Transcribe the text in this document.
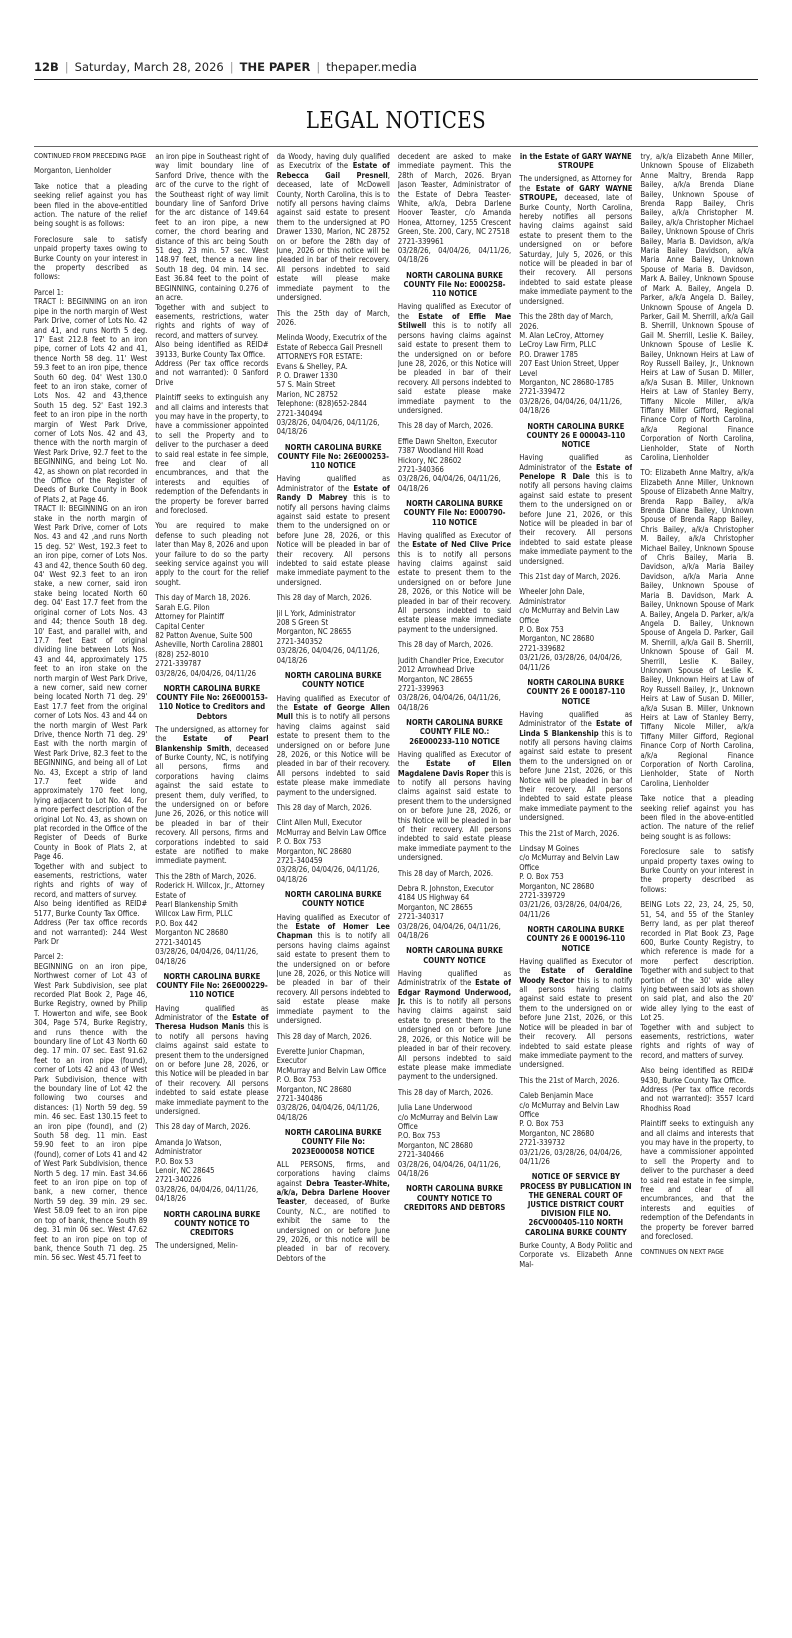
12B | Saturday, March 28, 2026 | THE PAPER | thepaper.media
LEGAL NOTICES

CONTINUED FROM PRECEDING PAGE

Morganton, Lienholder

Take notice that a pleading seeking relief against you has been filed in the above-entitled action. The nature of the relief being sought is as follows:

Foreclosure sale to satisfy unpaid property taxes owing to Burke County on your interest in the property described as follows:

Parcel 1:
TRACT I: BEGINNING on an iron pipe in the north margin of West Park Drive, corner of Lots No. 42 and 41, and runs North 5 deg. 17' East 212.8 feet to an iron pipe, corner of Lots 42 and 41, thence North 58 deg. 11' West 59.3 feet to an iron pipe, thence South 60 deg. 04' West 130.0 feet to an iron stake, corner of Lots Nos. 42 and 43,thence South 15 deg. 52' East 192.3 feet to an iron pipe in the north margin of West Park Drive, corner of Lots Nos. 42 and 43, thence with the north margin of West Park Drive, 92.7 feet to the BEGINNING, and being Lot No. 42, as shown on plat recorded in the Office of the Register of Deeds of Burke County in Book of Plats 2, at Page 46.
TRACT II: BEGINNING on an iron stake in the north margin of West Park Drive, corner of Lots Nos. 43 and 42 ,and runs North 15 deg. 52' West, 192.3 feet to an iron pipe, corner of Lots Nos. 43 and 42, thence South 60 deg. 04' West 92.3 feet to an iron stake, a new corner, said iron stake being located North 60 deg. 04' East 17.7 feet from the original corner of Lots Nos. 43 and 44; thence South 18 deg. 10' East, and parallel with, and 17.7 feet East of original dividing line between Lots Nos. 43 and 44, approximately 175 feet to an iron stake on the north margin of West Park Drive, a new corner, said new corner being located North 71 deg. 29' East 17.7 feet from the original corner of Lots Nos. 43 and 44 on the north margin of West Park Drive, thence North 71 deg. 29' East with the north margin of West Park Drive, 82.3 feet to the BEGINNING, and being all of Lot No. 43, Except a strip of land 17.7 feet wide and approximately 170 feet long, lying adjacent to Lot No. 44. For a more perfect description of the original Lot No. 43, as shown on plat recorded in the Office of the Register of Deeds of Burke County in Book of Plats 2, at Page 46.
Together with and subject to easements, restrictions, water rights and rights of way of record, and matters of survey.
Also being identified as REID# 5177, Burke County Tax Office.
Address (Per tax office records and not warranted): 244 West Park Dr

Parcel 2:
BEGINNING on an iron pipe, Northwest corner of Lot 43 of West Park Subdivision, see plat recorded Plat Book 2, Page 46, Burke Registry, owned by Philip T. Howerton and wife, see Book 304, Page 574, Burke Registry, and runs thence with the boundary line of Lot 43 North 60 deg. 17 min. 07 sec. East 91.62 feet to an iron pipe (found), corner of Lots 42 and 43 of West Park Subdivision, thence with the boundary line of Lot 42 the following two courses and distances: (1) North 59 deg. 59 min. 46 sec. East 130.15 feet to an iron pipe (found), and (2) South 58 deg. 11 min. East 59.90 feet to an iron pipe (found), corner of Lots 41 and 42 of West Park Subdivision, thence North 5 deg. 17 min. East 34.66 feet to an iron pipe on top of bank, a new corner, thence North 59 deg. 39 min. 29 sec. West 58.09 feet to an iron pipe on top of bank, thence South 89 deg. 31 min 06 sec. West 47.62 feet to an iron pipe on top of bank, thence South 71 deg. 25 min. 56 sec. West 45.71 feet to

an iron pipe in Southeast right of way limit boundary line of Sanford Drive, thence with the arc of the curve to the right of the Southeast right of way limit boundary line of Sanford Drive for the arc distance of 149.64 feet to an iron pipe, a new corner, the chord bearing and distance of this arc being South 51 deg. 23 min. 57 sec. West 148.97 feet, thence a new line South 18 deg. 04 min. 14 sec. East 36.84 feet to the point of BEGINNING, containing 0.276 of an acre.
Together with and subject to easements, restrictions, water rights and rights of way of record, and matters of survey.
Also being identified as REID# 39133, Burke County Tax Office.
Address (Per tax office records and not warranted): 0 Sanford Drive

Plaintiff seeks to extinguish any and all claims and interests that you may have in the property, to have a commissioner appointed to sell the Property and to deliver to the purchaser a deed to said real estate in fee simple, free and clear of all encumbrances, and that the interests and equities of redemption of the Defendants in the property be forever barred and foreclosed.

You are required to make defense to such pleading not later than May 8, 2026 and upon your failure to do so the party seeking service against you will apply to the court for the relief sought.

This day of March 18, 2026.
Sarah E.G. Pilon
Attorney for Plaintiff
Capital Center
82 Patton Avenue, Suite 500
Asheville, North Carolina 28801
(828) 252-8010
2721-339787
03/28/26, 04/04/26, 04/11/26

NORTH CAROLINA BURKE COUNTY File No: 26E000153-110 Notice to Creditors and Debtors

The undersigned, as attorney for the Estate of Pearl Blankenship Smith, deceased of Burke County, NC, is notifying all persons, firms and corporations having claims against the said estate to present them, duly verified, to the undersigned on or before June 26, 2026, or this notice will be pleaded in bar of their recovery. All persons, firms and corporations indebted to said estate are notified to make immediate payment.

This the 28th of March, 2026.
Roderick H. Willcox, Jr., Attorney
Estate of
Pearl Blankenship Smith
Willcox Law Firm, PLLC
P.O. Box 442
Morganton NC 28680
2721-340145
03/28/26, 04/04/26, 04/11/26, 04/18/26

NORTH CAROLINA BURKE COUNTY File No: 26E000229-110 NOTICE

Having qualified as Administrator of the Estate of Theresa Hudson Manis this is to notify all persons having claims against said estate to present them to the undersigned on or before June 28, 2026, or this Notice will be pleaded in bar of their recovery. All persons indebted to said estate please make immediate payment to the undersigned.

This 28 day of March, 2026.

Amanda Jo Watson, Administrator
P.O. Box 53
Lenoir, NC 28645
2721-340226
03/28/26, 04/04/26, 04/11/26, 04/18/26

NORTH CAROLINA BURKE COUNTY NOTICE TO CREDITORS

The undersigned, Melin-

da Woody, having duly qualified as Executrix of the Estate of Rebecca Gail Presnell, deceased, late of McDowell County, North Carolina, this is to notify all persons having claims against said estate to present them to the undersigned at PO Drawer 1330, Marion, NC 28752 on or before the 28th day of June, 2026 or this notice will be pleaded in bar of their recovery. All persons indebted to said estate will please make immediate payment to the undersigned.

This the 25th day of March, 2026.

Melinda Woody, Executrix of the Estate of Rebecca Gail Presnell
ATTORNEYS FOR ESTATE:
Evans & Shelley, P.A.
P. O. Drawer 1330
57 S. Main Street
Marion, NC 28752
Telephone: (828)652-2844
2721-340494
03/28/26, 04/04/26, 04/11/26, 04/18/26

NORTH CAROLINA BURKE COUNTY File No: 26E000253-110 NOTICE

Having qualified as Administrator of the Estate of Randy D Mabrey this is to notify all persons having claims against said estate to present them to the undersigned on or before June 28, 2026, or this Notice will be pleaded in bar of their recovery. All persons indebted to said estate please make immediate payment to the undersigned.

This 28 day of March, 2026.

Jil L York, Administrator
208 S Green St
Morganton, NC 28655
2721-340352
03/28/26, 04/04/26, 04/11/26, 04/18/26

NORTH CAROLINA BURKE COUNTY NOTICE

Having qualified as Executor of the Estate of George Allen Mull this is to notify all persons having claims against said estate to present them to the undersigned on or before June 28, 2026, or this Notice will be pleaded in bar of their recovery. All persons indebted to said estate please make immediate payment to the undersigned.

This 28 day of March, 2026.

Clint Allen Mull, Executor
McMurray and Belvin Law Office
P. O. Box 753
Morganton, NC 28680
2721-340459
03/28/26, 04/04/26, 04/11/26, 04/18/26

NORTH CAROLINA BURKE COUNTY NOTICE

Having qualified as Executor of the Estate of Homer Lee Chapman this is to notify all persons having claims against said estate to present them to the undersigned on or before June 28, 2026, or this Notice will be pleaded in bar of their recovery. All persons indebted to said estate please make immediate payment to the undersigned.

This 28 day of March, 2026.

Everette Junior Chapman, Executor
McMurray and Belvin Law Office
P. O. Box 753
Morganton, NC 28680
2721-340486
03/28/26, 04/04/26, 04/11/26, 04/18/26

NORTH CAROLINA BURKE COUNTY File No: 2023E000058 NOTICE

ALL PERSONS, firms, and corporations having claims against Debra Teaster-White, a/k/a, Debra Darlene Hoover Teaster, deceased, of Burke County, N.C., are notified to exhibit the same to the undersigned on or before June 29, 2026, or this notice will be pleaded in bar of recovery. Debtors of the

decedent are asked to make immediate payment. This the 28th of March, 2026. Bryan Jason Teaster, Administrator of the Estate of Debra Teaster-White, a/k/a, Debra Darlene Hoover Teaster, c/o Amanda Honea, Attorney, 1255 Crescent Green, Ste. 200, Cary, NC 27518
2721-339961
03/28/26, 04/04/26, 04/11/26, 04/18/26

NORTH CAROLINA BURKE COUNTY File No: E000258-110 NOTICE

Having qualified as Executor of the Estate of Effie Mae Stilwell this is to notify all persons having claims against said estate to present them to the undersigned on or before June 28, 2026, or this Notice will be pleaded in bar of their recovery. All persons indebted to said estate please make immediate payment to the undersigned.

This 28 day of March, 2026.

Effie Dawn Shelton, Executor
7387 Woodland Hill Road
Hickory, NC 28602
2721-340366
03/28/26, 04/04/26, 04/11/26, 04/18/26

NORTH CAROLINA BURKE COUNTY File No: E000790-110 NOTICE

Having qualified as Executor of the Estate of Ned Clive Price this is to notify all persons having claims against said estate to present them to the undersigned on or before June 28, 2026, or this Notice will be pleaded in bar of their recovery. All persons indebted to said estate please make immediate payment to the undersigned.

This 28 day of March, 2026.

Judith Chandler Price, Executor
2012 Arrowhead Drive
Morganton, NC 28655
2721-339963
03/28/26, 04/04/26, 04/11/26, 04/18/26

NORTH CAROLINA BURKE COUNTY FILE NO.: 26E000233-110 NOTICE

Having qualified as Executor of the Estate of Ellen Magdalene Davis Roper this is to notify all persons having claims against said estate to present them to the undersigned on or before June 28, 2026, or this Notice will be pleaded in bar of their recovery. All persons indebted to said estate please make immediate payment to the undersigned.

This 28 day of March, 2026.

Debra R. Johnston, Executor
4184 US Highway 64
Morganton, NC 28655
2721-340317
03/28/26, 04/04/26, 04/11/26, 04/18/26

NORTH CAROLINA BURKE COUNTY NOTICE

Having qualified as Administratrix of the Estate of Edgar Raymond Underwood, Jr. this is to notify all persons having claims against said estate to present them to the undersigned on or before June 28, 2026, or this Notice will be pleaded in bar of their recovery. All persons indebted to said estate please make immediate payment to the undersigned.

This 28 day of March, 2026.

Julia Lane Underwood
c/o McMurray and Belvin Law Office
P.O. Box 753
Morganton, NC 28680
2721-340466
03/28/26, 04/04/26, 04/11/26, 04/18/26

NORTH CAROLINA BURKE COUNTY NOTICE TO CREDITORS AND DEBTORS
in the Estate of GARY WAYNE STROUPE

The undersigned, as Attorney for the Estate of GARY WAYNE STROUPE, deceased, late of Burke County, North Carolina, hereby notifies all persons having claims against said estate to present them to the undersigned on or before Saturday, July 5, 2026, or this notice will be pleaded in bar of their recovery. All persons indebted to said estate please make immediate payment to the undersigned.

This the 28th day of March, 2026.
M. Alan LeCroy, Attorney
LeCroy Law Firm, PLLC
P.O. Drawer 1785
207 East Union Street, Upper Level
Morganton, NC 28680-1785
2721-339472
03/28/26, 04/04/26, 04/11/26, 04/18/26

NORTH CAROLINA BURKE COUNTY 26 E 000043-110 NOTICE

Having qualified as Administrator of the Estate of Penelope R Dale this is to notify all persons having claims against said estate to present them to the undersigned on or before June 21, 2026, or this Notice will be pleaded in bar of their recovery. All persons indebted to said estate please make immediate payment to the undersigned.

This 21st day of March, 2026.

Wheeler John Dale, Administrator
c/o McMurray and Belvin Law Office
P. O. Box 753
Morganton, NC 28680
2721-339682
03/21/26, 03/28/26, 04/04/26, 04/11/26

NORTH CAROLINA BURKE COUNTY 26 E 000187-110 NOTICE

Having qualified as Administrator of the Estate of Linda S Blankenship this is to notify all persons having claims against said estate to present them to the undersigned on or before June 21st, 2026, or this Notice will be pleaded in bar of their recovery. All persons indebted to said estate please make immediate payment to the undersigned.

This the 21st of March, 2026.

Lindsay M Goines
c/o McMurray and Belvin Law Office
P. O. Box 753
Morganton, NC 28680
2721-339729
03/21/26, 03/28/26, 04/04/26, 04/11/26

NORTH CAROLINA BURKE COUNTY 26 E 000196-110 NOTICE

Having qualified as Executor of the Estate of Geraldine Woody Rector this is to notify all persons having claims against said estate to present them to the undersigned on or before June 21st, 2026, or this Notice will be pleaded in bar of their recovery. All persons indebted to said estate please make immediate payment to the undersigned.

This the 21st of March, 2026.

Caleb Benjamin Mace
c/o McMurray and Belvin Law Office
P. O. Box 753
Morganton, NC 28680
2721-339732
03/21/26, 03/28/26, 04/04/26, 04/11/26

NOTICE OF SERVICE BY PROCESS BY PUBLICATION IN THE GENERAL COURT OF JUSTICE DISTRICT COURT DIVISION FILE NO. 26CV000405-110 NORTH CAROLINA BURKE COUNTY

Burke County, A Body Politic and Corporate vs. Elizabeth Anne Mal-

try, a/k/a Elizabeth Anne Miller, Unknown Spouse of Elizabeth Anne Maltry, Brenda Rapp Bailey, a/k/a Brenda Diane Bailey, Unknown Spouse of Brenda Rapp Bailey, Chris Bailey, a/k/a Christopher M. Bailey, a/k/a Christopher Michael Bailey, Unknown Spouse of Chris Bailey, Maria B. Davidson, a/k/a Maria Bailey Davidson, a/k/a Maria Anne Bailey, Unknown Spouse of Maria B. Davidson, Mark A. Bailey, Unknown Spouse of Mark A. Bailey, Angela D. Parker, a/k/a Angela D. Bailey, Unknown Spouse of Angela D. Parker, Gail M. Sherrill, a/k/a Gail B. Sherrill, Unknown Spouse of Gail M. Sherrill, Leslie K. Bailey, Unknown Spouse of Leslie K. Bailey, Unknown Heirs at Law of Roy Russell Bailey, Jr., Unknown Heirs at Law of Susan D. Miller, a/k/a Susan B. Miller, Unknown Heirs at Law of Stanley Berry, Tiffany Nicole Miller, a/k/a Tiffany Miller Gifford, Regional Finance Corp of North Carolina, a/k/a Regional Finance Corporation of North Carolina, Lienholder, State of North Carolina, Lienholder

TO: Elizabeth Anne Maltry, a/k/a Elizabeth Anne Miller, Unknown Spouse of Elizabeth Anne Maltry, Brenda Rapp Bailey, a/k/a Brenda Diane Bailey, Unknown Spouse of Brenda Rapp Bailey, Chris Bailey, a/k/a Christopher M. Bailey, a/k/a Christopher Michael Bailey, Unknown Spouse of Chris Bailey, Maria B. Davidson, a/k/a Maria Bailey Davidson, a/k/a Maria Anne Bailey, Unknown Spouse of Maria B. Davidson, Mark A. Bailey, Unknown Spouse of Mark A. Bailey, Angela D. Parker, a/k/a Angela D. Bailey, Unknown Spouse of Angela D. Parker, Gail M. Sherrill, a/k/a Gail B. Sherrill, Unknown Spouse of Gail M. Sherrill, Leslie K. Bailey, Unknown Spouse of Leslie K. Bailey, Unknown Heirs at Law of Roy Russell Bailey, Jr., Unknown Heirs at Law of Susan D. Miller, a/k/a Susan B. Miller, Unknown Heirs at Law of Stanley Berry, Tiffany Nicole Miller, a/k/a Tiffany Miller Gifford, Regional Finance Corp of North Carolina, a/k/a Regional Finance Corporation of North Carolina, Lienholder, State of North Carolina, Lienholder

Take notice that a pleading seeking relief against you has been filed in the above-entitled action. The nature of the relief being sought is as follows:

Foreclosure sale to satisfy unpaid property taxes owing to Burke County on your interest in the property described as follows:

BEING Lots 22, 23, 24, 25, 50, 51, 54, and 55 of the Stanley Berry land, as per plat thereof recorded in Plat Book Z3, Page 600, Burke County Registry, to which reference is made for a more perfect description. Together with and subject to that portion of the 30' wide alley lying between said lots as shown on said plat, and also the 20' wide alley lying to the east of Lot 25.
Together with and subject to easements, restrictions, water rights and rights of way of record, and matters of survey.

Also being identified as REID# 9430, Burke County Tax Office.
Address (Per tax office records and not warranted): 3557 Icard Rhodhiss Road

Plaintiff seeks to extinguish any and all claims and interests that you may have in the property, to have a commissioner appointed to sell the Property and to deliver to the purchaser a deed to said real estate in fee simple, free and clear of all encumbrances, and that the interests and equities of redemption of the Defendants in the property be forever barred and foreclosed.

CONTINUES ON NEXT PAGE
